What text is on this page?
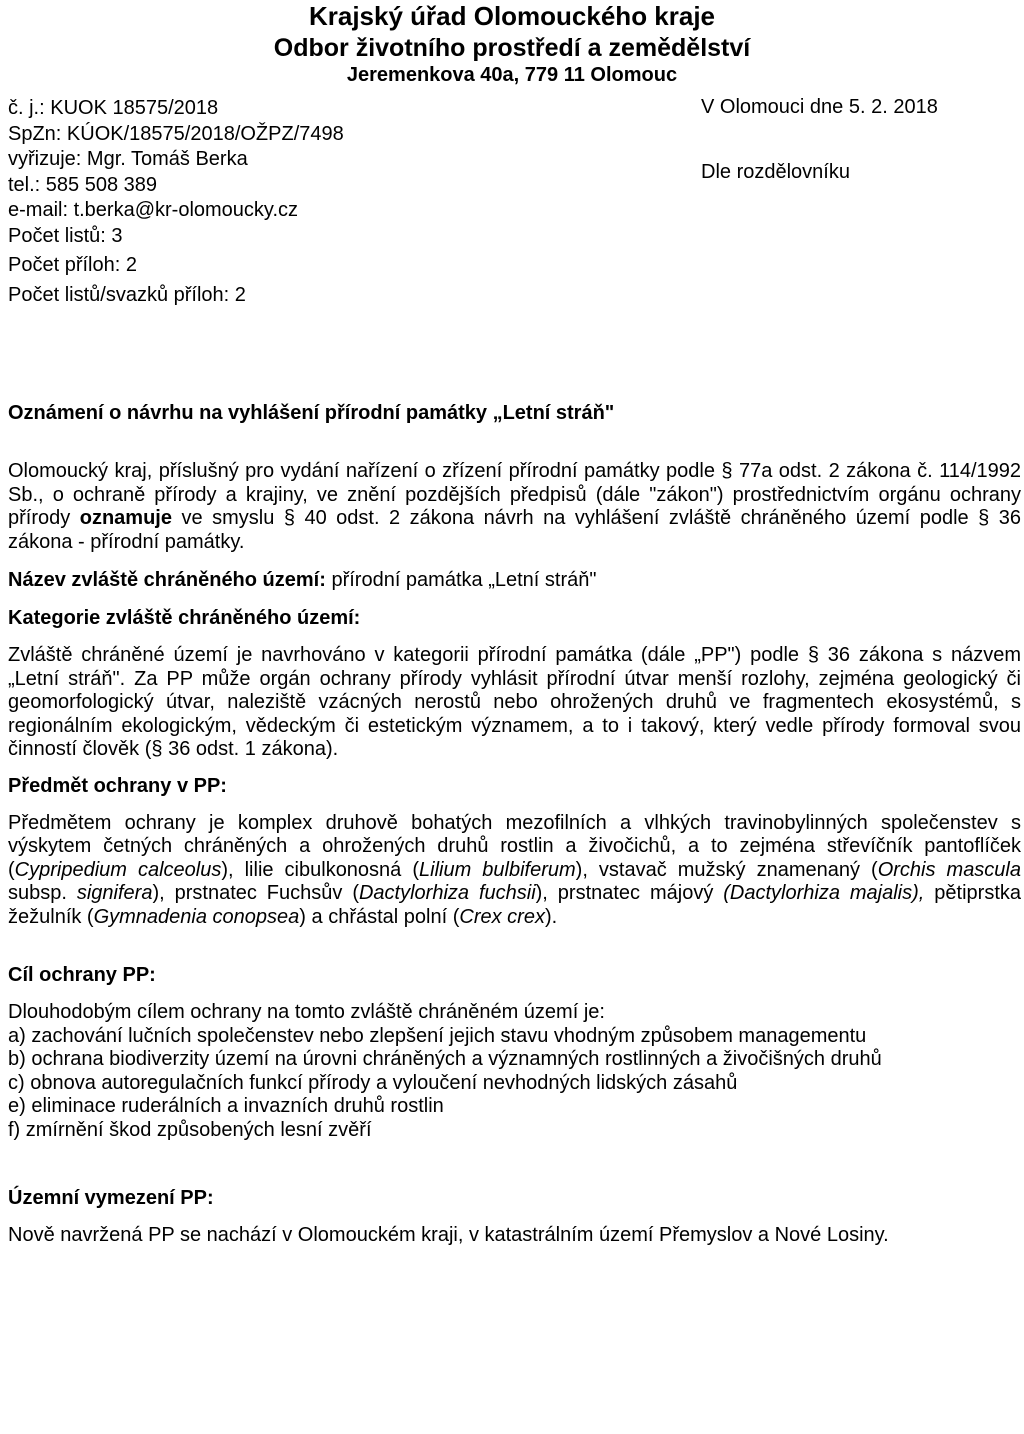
Krajský úřad Olomouckého kraje
Odbor životního prostředí a zemědělství
Jeremenkova 40a, 779 11 Olomouc
č. j.: KUOK 18575/2018
SpZn: KÚOK/18575/2018/OŽPZ/7498
vyřizuje: Mgr. Tomáš Berka
tel.: 585 508 389
e-mail: t.berka@kr-olomoucky.cz
Počet listů: 3
Počet příloh: 2
Počet listů/svazků příloh: 2
V Olomouci dne 5. 2. 2018
Dle rozdělovníku
Oznámení o návrhu na vyhlášení přírodní památky „Letní stráň"

Olomoucký kraj, příslušný pro vydání nařízení o zřízení přírodní památky podle § 77a odst. 2 zákona č. 114/1992 Sb., o ochraně přírody a krajiny, ve znění pozdějších předpisů (dále "zákon") prostřednictvím orgánu ochrany přírody oznamuje ve smyslu § 40 odst. 2 zákona návrh na vyhlášení zvláště chráněného území podle § 36 zákona - přírodní památky.

Název zvláště chráněného území: přírodní památka „Letní stráň"

Kategorie zvláště chráněného území:

Zvláště chráněné území je navrhováno v kategorii přírodní památka (dále „PP") podle § 36 zákona s názvem „Letní stráň". Za PP může orgán ochrany přírody vyhlásit přírodní útvar menší rozlohy, zejména geologický či geomorfologický útvar, naleziště vzácných nerostů nebo ohrožených druhů ve fragmentech ekosystémů, s regionálním ekologickým, vědeckým či estetickým významem, a to i takový, který vedle přírody formoval svou činností člověk (§ 36 odst. 1 zákona).

Předmět ochrany v PP:

Předmětem ochrany je komplex druhově bohatých mezofilních a vlhkých travinobylinných společenstev s výskytem četných chráněných a ohrožených druhů rostlin a živočichů, a to zejména střevíčník pantoflíček (Cypripedium calceolus), lilie cibulkonosná (Lilium bulbiferum), vstavač mužský znamenaný (Orchis mascula subsp. signifera), prstnatec Fuchsův (Dactylorhiza fuchsii), prstnatec májový (Dactylorhiza majalis), pětiprstka žežulník (Gymnadenia conopsea) a chřástal polní (Crex crex).

Cíl ochrany PP:
Dlouhodobým cílem ochrany na tomto zvláště chráněném území je:
a) zachování lučních společenstev nebo zlepšení jejich stavu vhodným způsobem managementu
b) ochrana biodiverzity území na úrovni chráněných a významných rostlinných a živočišných druhů
c) obnova autoregulačních funkcí přírody a vyloučení nevhodných lidských zásahů
e) eliminace ruderálních a invazních druhů rostlin
f) zmírnění škod způsobených lesní zvěří
Územní vymezení PP:

Nově navržená PP se nachází v Olomouckém kraji, v katastrálním území Přemyslov a Nové Losiny.
